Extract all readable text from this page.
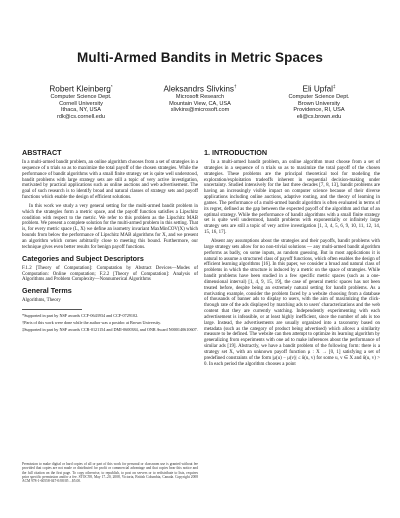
Multi-Armed Bandits in Metric Spaces
Robert Kleinberg*
Computer Science Dept.
Cornell University
Ithaca, NY, USA
rdk@cs.cornell.edu
Aleksandrs Slivkins†
Microsoft Research
Mountain View, CA, USA
slivkins@microsoft.com
Eli Upfal‡
Computer Science Dept.
Brown University
Providence, RI, USA
eli@cs.brown.edu
ABSTRACT

In a multi-armed bandit problem, an online algorithm chooses from a set of strategies in a sequence of n trials so as to maximize the total payoff of the chosen strategies. While the performance of bandit algorithms with a small finite strategy set is quite well understood, bandit problems with large strategy sets are still a topic of very active investigation, motivated by practical applications such as online auctions and web advertisement. The goal of such research is to identify broad and natural classes of strategy sets and payoff functions which enable the design of efficient solutions.

In this work we study a very general setting for the multi-armed bandit problem in which the strategies form a metric space, and the payoff function satisfies a Lipschitz condition with respect to the metric. We refer to this problem as the Lipschitz MAB problem. We present a complete solution for the multi-armed problem in this setting. That is, for every metric space (L, X) we define an isometry invariant MaxMinCOV(X) which bounds from below the performance of Lipschitz MAB algorithms for X, and we present an algorithm which comes arbitrarily close to meeting this bound. Furthermore, our technique gives even better results for benign payoff functions.

Categories and Subject Descriptors

F.1.2 [Theory of Computation]: Computation by Abstract Devices—Modes of Computation: Online computation; F.2.2 [Theory of Computation]: Analysis of Algorithms and Problem Complexity—Nonnumerical Algorithms

General Terms

Algorithms, Theory

*Supported in part by NSF awards CCF-0643934 and CCF-0729102.

†Parts of this work were done while the author was a postdoc at Brown University.

‡Supported in part by NSF awards CCR-0121154 and DMI-0600384, and ONR Award N000140610607.

Permission to make digital or hard copies of all or part of this work for personal or classroom use is granted without fee provided that copies are not made or distributed for profit or commercial advantage and that copies bear this notice and the full citation on the first page. To copy otherwise, to republish, to post on servers or to redistribute to lists, requires prior specific permission and/or a fee. STOC'08, May 17–20, 2008, Victoria, British Columbia, Canada. Copyright 2008 ACM 978-1-60558-047-0/08/05 ...$5.00.
1. INTRODUCTION

In a multi-armed bandit problem, an online algorithm must choose from a set of strategies in a sequence of n trials so as to maximize the total payoff of the chosen strategies. These problems are the principal theoretical tool for modeling the exploration/exploitation tradeoffs inherent in sequential decision-making under uncertainty. Studied intensively for the last three decades [7, 8, 13], bandit problems are having an increasingly visible impact on computer science because of their diverse applications including online auctions, adaptive routing, and the theory of learning in games. The performance of a multi-armed bandit algorithm is often evaluated in terms of its regret, defined as the gap between the expected payoff of the algorithm and that of an optimal strategy. While the performance of bandit algorithms with a small finite strategy set is quite well understood, bandit problems with exponentially or infinitely large strategy sets are still a topic of very active investigation [1, 3, 4, 5, 6, 9, 10, 11, 12, 14, 15, 16, 17].

Absent any assumptions about the strategies and their payoffs, bandit problems with large strategy sets allow for no non-trivial solutions — any multi-armed bandit algorithm performs as badly, on some inputs, as random guessing. But in most applications it is natural to assume a structured class of payoff functions, which often enables the design of efficient learning algorithms [16]. In this paper, we consider a broad and natural class of problems in which the structure is induced by a metric on the space of strategies. While bandit problems have been studied in a few specific metric spaces (such as a one-dimensional interval) [1, 4, 9, 15, 19], the case of general metric spaces has not been treated before, despite being an extremely natural setting for bandit problems. As a motivating example, consider the problem faced by a website choosing from a database of thousands of banner ads to display to users, with the aim of maximizing the click-through rate of the ads displayed by matching ads to users' characterizations and the web content that they are currently watching. Independently experimenting with each advertisement is infeasible, or at least highly inefficient, since the number of ads is too large. Instead, the advertisements are usually organized into a taxonomy based on metadata (such as the category of product being advertised) which allows a similarity measure to be defined. The website can then attempt to optimize its learning algorithm by generalizing from experiments with one ad to make inferences about the performance of similar ads [19]. Abstractly, we have a bandit problem of the following form: there is a strategy set X, with an unknown payoff function μ : X → [0, 1] satisfying a set of predefined constraints of the form |μ(u) − μ(v)| ≤ δ(u, v) for some u, v ∈ X and δ(u, v) > 0. In each period the algorithm chooses a point
